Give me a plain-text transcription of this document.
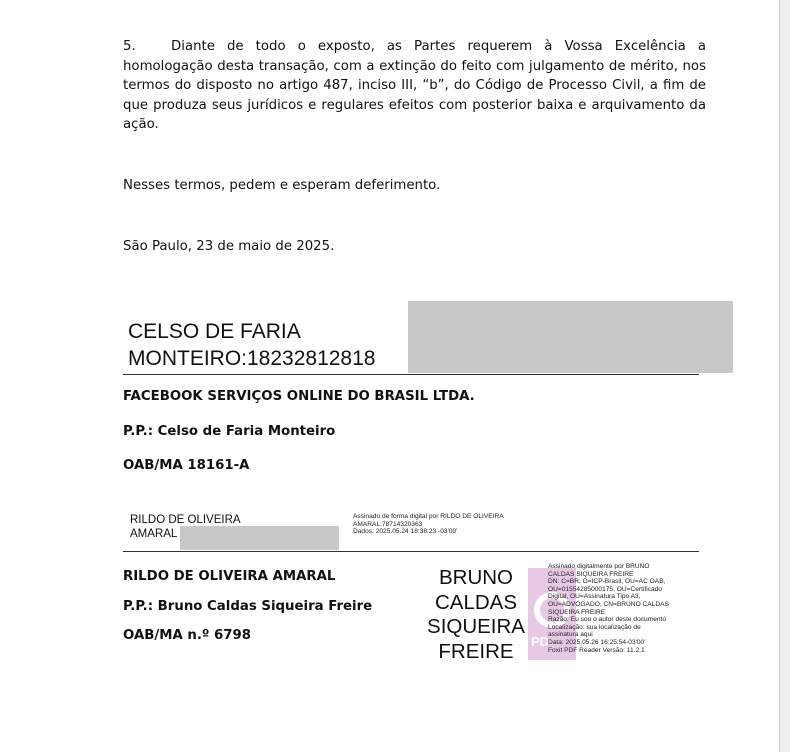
5.	Diante de todo o exposto, as Partes requerem à Vossa Excelência a homologação desta transação, com a extinção do feito com julgamento de mérito, nos termos do disposto no artigo 487, inciso III, “b”, do Código de Processo Civil, a fim de que produza seus jurídicos e regulares efeitos com posterior baixa e arquivamento da ação.

Nesses termos, pedem e esperam deferimento.

São Paulo, 23 de maio de 2025.

CELSO DE FARIA
MONTEIRO:18232812818

FACEBOOK SERVIÇOS ONLINE DO BRASIL LTDA.

P.P.: Celso de Faria Monteiro

OAB/MA 18161-A

RILDO DE OLIVEIRA
AMARAL
Assinado de forma digital por RILDO DE OLIVEIRA
AMARAL:78714320363
Dados: 2025.05.24 18:38:23 -03'00'

RILDO DE OLIVEIRA AMARAL

P.P.: Bruno Caldas Siqueira Freire

OAB/MA n.º 6798	PD
BRUNO
CALDAS
SIQUEIRA
FREIRE
Assinado digitalmente por BRUNO
CALDAS SIQUEIRA FREIRE
DN: C=BR, O=ICP-Brasil, OU=AC OAB,
OU=01554285000175, OU=Certificado
Digital, OU=Assinatura Tipo A3,
OU=ADVOGADO, CN=BRUNO CALDAS
SIQUEIRA FREIRE
Razão: Eu sou o autor deste documento
Localização: sua localização de
assinatura aqui
Data: 2025.05.26 16:25:54-03'00'
Foxit PDF Reader Versão: 11.2.1
